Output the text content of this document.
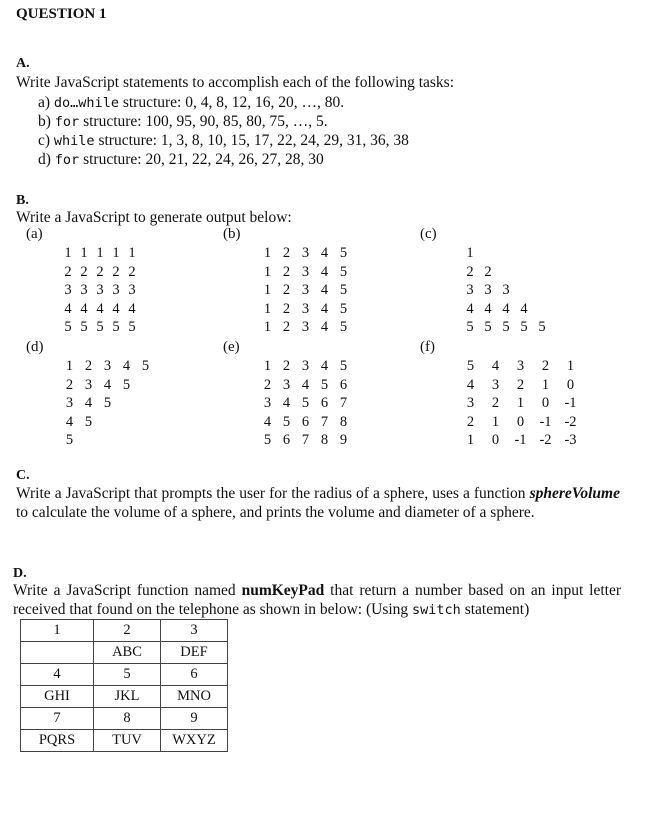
QUESTION 1
A.
Write JavaScript statements to accomplish each of the following tasks:
a) do…while structure: 0, 4, 8, 12, 16, 20, …, 80.
b) for structure: 100, 95, 90, 85, 80, 75, …, 5.
c) while structure: 1, 3, 8, 10, 15, 17, 22, 24, 29, 31, 36, 38
d) for structure: 20, 21, 22, 24, 26, 27, 28, 30
B.
Write a JavaScript to generate output below:
(a)	(b)	(c)
(d)	(e)	(f)
1 1 1 1 1
2 2 2 2 2
3 3 3 3 3
4 4 4 4 4
5 5 5 5 5
1 2 3 4 5
1 2 3 4 5
1 2 3 4 5
1 2 3 4 5
1 2 3 4 5
1
2 2
3 3 3
4 4 4 4
5 5 5 5 5
1 2 3 4 5
2 3 4 5
3 4 5
4 5
5
1 2 3 4 5
2 3 4 5 6
3 4 5 6 7
4 5 6 7 8
5 6 7 8 9
5 4 3 2 1
4 3 2 1 0
3 2 1 0 -1
2 1 0 -1 -2
1 0 -1 -2 -3
C.
Write a JavaScript that prompts the user for the radius of a sphere, uses a function sphereVolume to calculate the volume of a sphere, and prints the volume and diameter of a sphere.
D.
Write a JavaScript function named numKeyPad that return a number based on an input letter received that found on the telephone as shown in below: (Using switch statement)
1	2	3
	ABC	DEF
4	5	6
GHI	JKL	MNO
7	8	9
PQRS	TUV	WXYZ
